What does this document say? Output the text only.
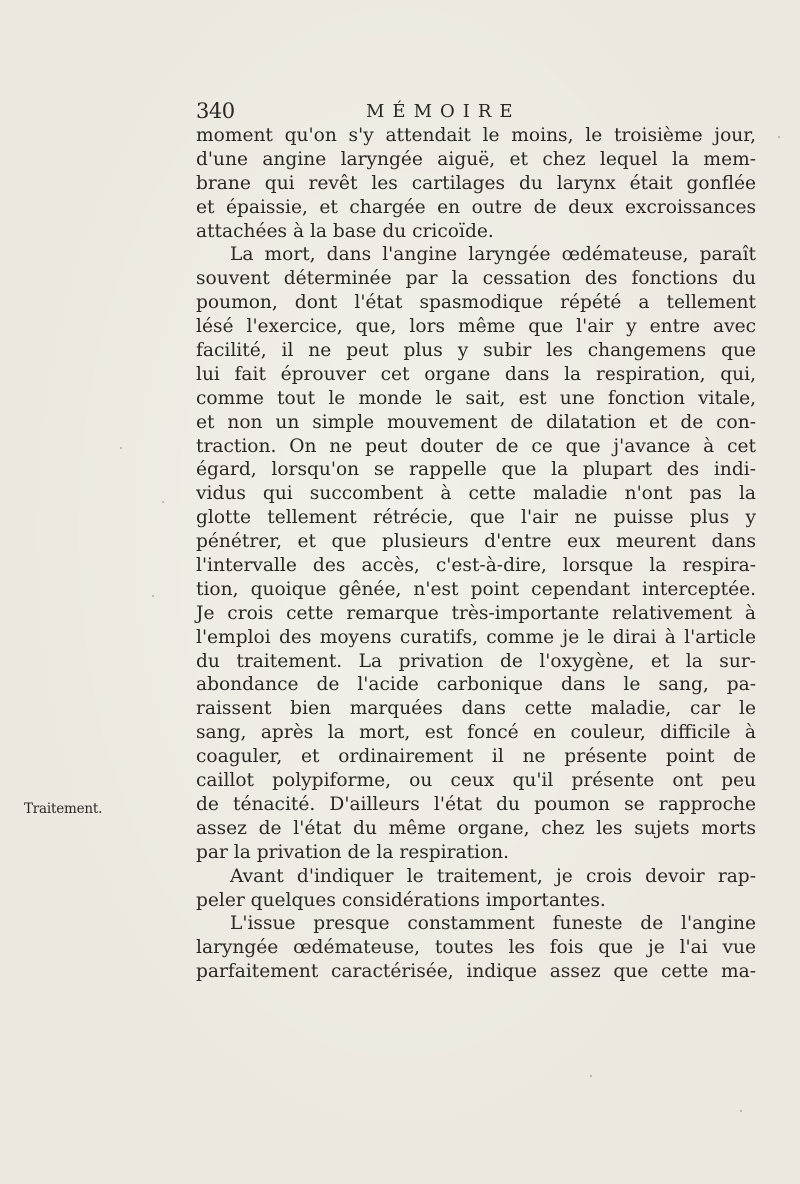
340	MÉMOIRE
Traitement.
moment qu'on s'y attendait le moins, le troisième jour,
d'une angine laryngée aiguë, et chez lequel la mem-
brane qui revêt les cartilages du larynx était gonflée
et épaissie, et chargée en outre de deux excroissances
attachées à la base du cricoïde.
La mort, dans l'angine laryngée œdémateuse, paraît
souvent déterminée par la cessation des fonctions du
poumon, dont l'état spasmodique répété a tellement
lésé l'exercice, que, lors même que l'air y entre avec
facilité, il ne peut plus y subir les changemens que
lui fait éprouver cet organe dans la respiration, qui,
comme tout le monde le sait, est une fonction vitale,
et non un simple mouvement de dilatation et de con-
traction. On ne peut douter de ce que j'avance à cet
égard, lorsqu'on se rappelle que la plupart des indi-
vidus qui succombent à cette maladie n'ont pas la
glotte tellement rétrécie, que l'air ne puisse plus y
pénétrer, et que plusieurs d'entre eux meurent dans
l'intervalle des accès, c'est-à-dire, lorsque la respira-
tion, quoique gênée, n'est point cependant interceptée.
Je crois cette remarque très-importante relativement à
l'emploi des moyens curatifs, comme je le dirai à l'article
du traitement. La privation de l'oxygène, et la sur-
abondance de l'acide carbonique dans le sang, pa-
raissent bien marquées dans cette maladie, car le
sang, après la mort, est foncé en couleur, difficile à
coaguler, et ordinairement il ne présente point de
caillot polypiforme, ou ceux qu'il présente ont peu
de ténacité. D'ailleurs l'état du poumon se rapproche
assez de l'état du même organe, chez les sujets morts
par la privation de la respiration.
Avant d'indiquer le traitement, je crois devoir rap-
peler quelques considérations importantes.
L'issue presque constamment funeste de l'angine
laryngée œdémateuse, toutes les fois que je l'ai vue
parfaitement caractérisée, indique assez que cette ma-
